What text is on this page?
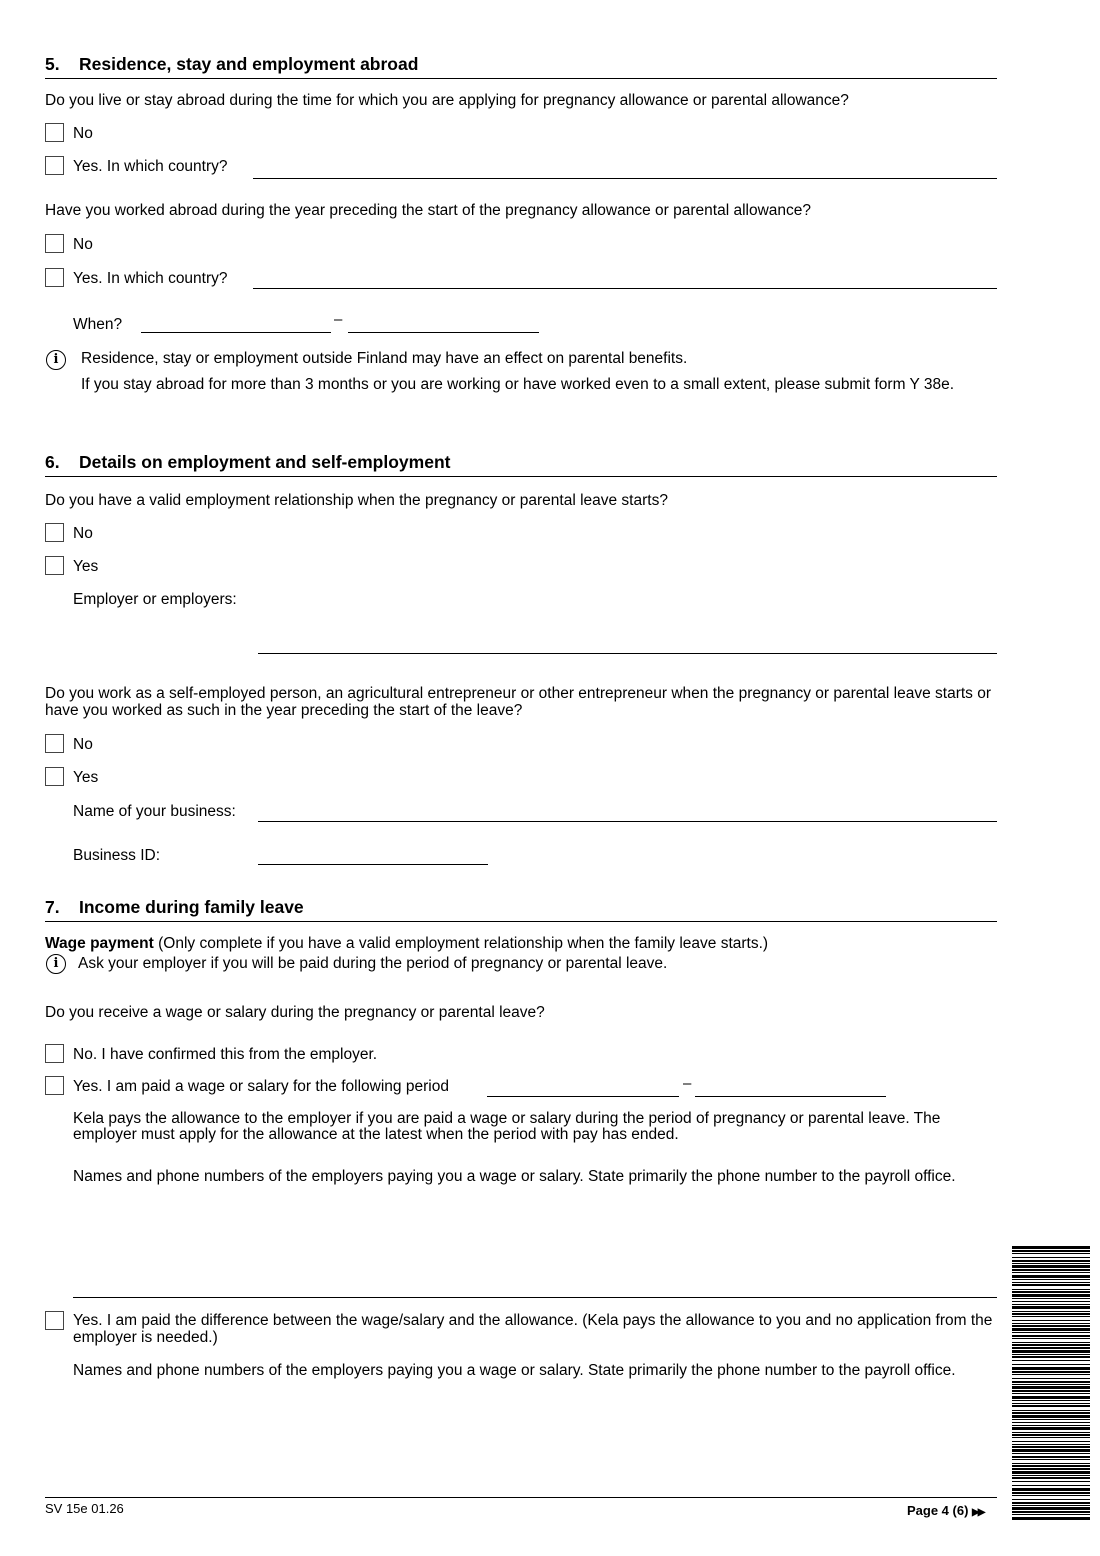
5. Residence, stay and employment abroad
Do you live or stay abroad during the time for which you are applying for pregnancy allowance or parental allowance?
No
Yes. In which country?
Have you worked abroad during the year preceding the start of the pregnancy allowance or parental allowance?
No
Yes. In which country?
When?	–
i	Residence, stay or employment outside Finland may have an effect on parental benefits.
If you stay abroad for more than 3 months or you are working or have worked even to a small extent, please submit form Y 38e.
6. Details on employment and self-employment
Do you have a valid employment relationship when the pregnancy or parental leave starts?
No
Yes
Employer or employers:
Do you work as a self-employed person, an agricultural entrepreneur or other entrepreneur when the pregnancy or parental leave starts or have you worked as such in the year preceding the start of the leave?
No
Yes
Name of your business:
Business ID:
7. Income during family leave
Wage payment (Only complete if you have a valid employment relationship when the family leave starts.)
i	Ask your employer if you will be paid during the period of pregnancy or parental leave.
Do you receive a wage or salary during the pregnancy or parental leave?
No. I have confirmed this from the employer.
Yes. I am paid a wage or salary for the following period	–
Kela pays the allowance to the employer if you are paid a wage or salary during the period of pregnancy or parental leave. The employer must apply for the allowance at the latest when the period with pay has ended.
Names and phone numbers of the employers paying you a wage or salary. State primarily the phone number to the payroll office.
Yes. I am paid the difference between the wage/salary and the allowance. (Kela pays the allowance to you and no application from the employer is needed.)
Names and phone numbers of the employers paying you a wage or salary. State primarily the phone number to the payroll office.
SV 15e 01.26	Page 4 (6) ▶▶
